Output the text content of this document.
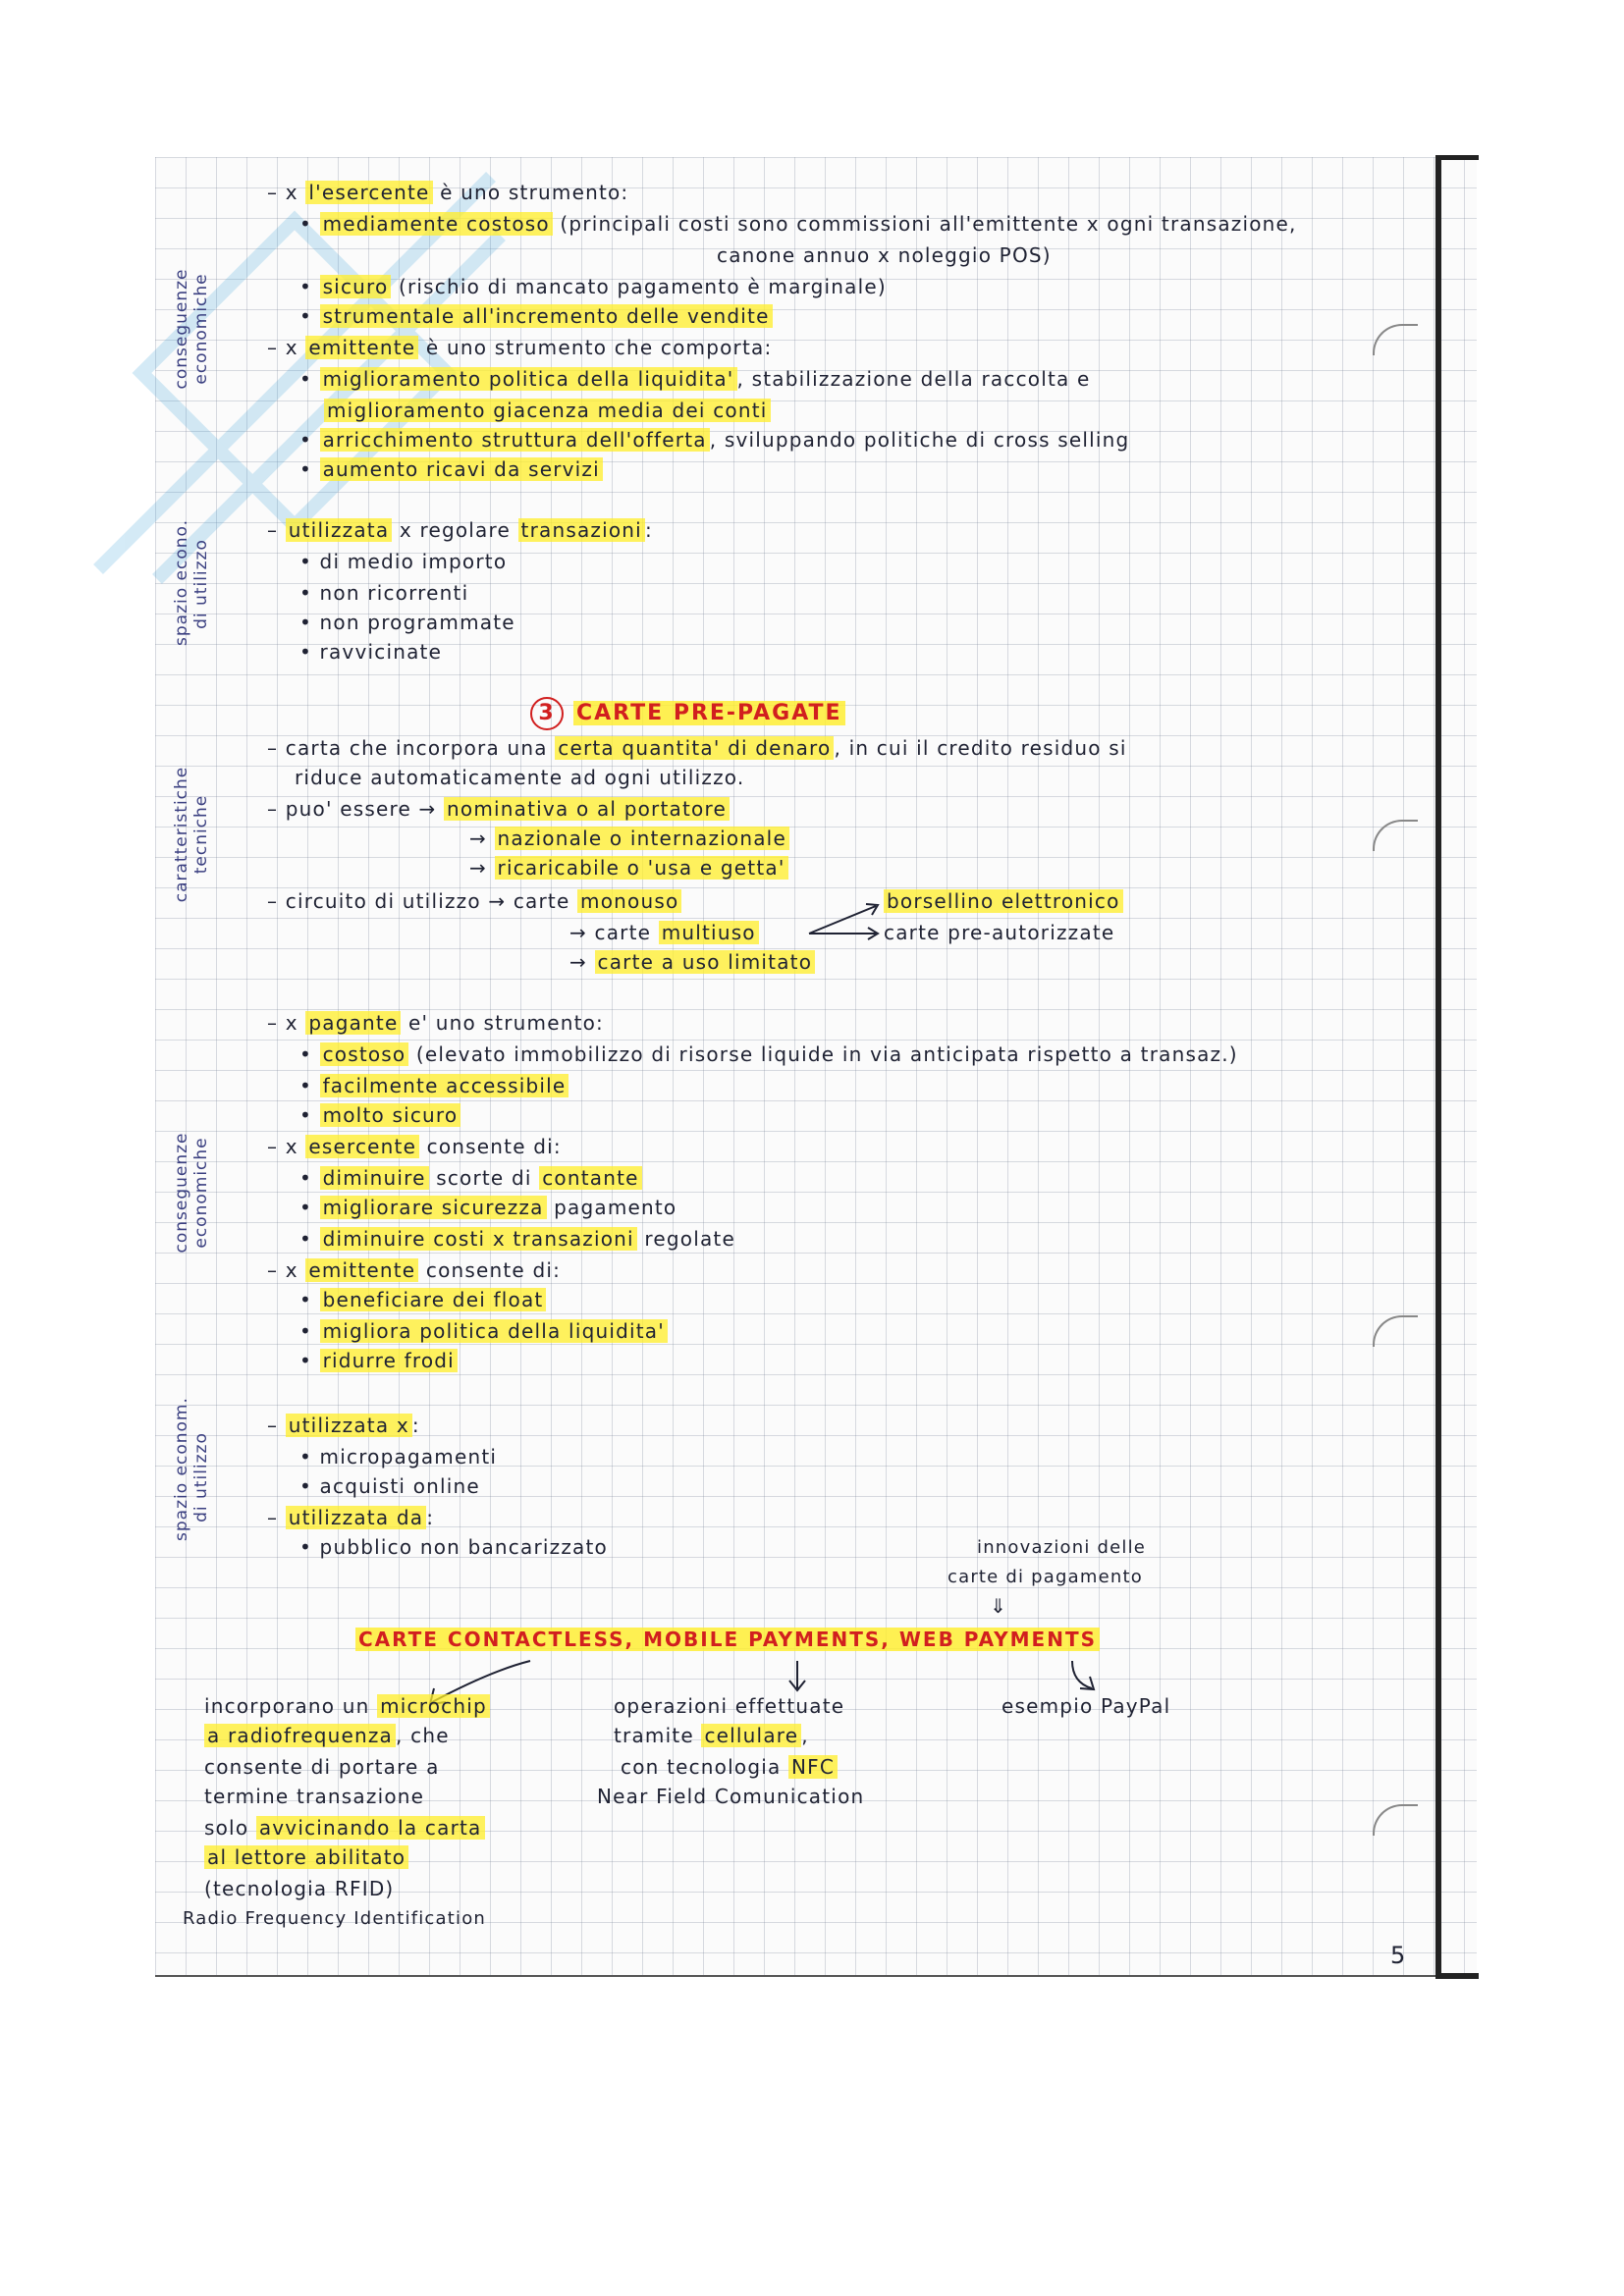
conseguenze economiche
spazio econo. di utilizzo
caratteristiche tecniche
conseguenze economiche
spazio econom. di utilizzo
– x l'esercente è uno strumento:
• mediamente costoso (principali costi sono commissioni all'emittente x ogni transazione,
canone annuo x noleggio POS)
• sicuro (rischio di mancato pagamento è marginale)
• strumentale all'incremento delle vendite
– x emittente è uno strumento che comporta:
• miglioramento politica della liquidita' , stabilizzazione della raccolta e
miglioramento giacenza media dei conti
• arricchimento struttura dell'offerta , sviluppando politiche di cross selling
• aumento ricavi da servizi
– utilizzata x regolare transazioni :
• di medio importo
• non ricorrenti
• non programmate
• ravvicinate
3 CARTE PRE-PAGATE
– carta che incorpora una certa quantita' di denaro , in cui il credito residuo si
riduce automaticamente ad ogni utilizzo.
– puo' essere → nominativa o al portatore
→ nazionale o internazionale
→ ricaricabile o 'usa e getta'
– circuito di utilizzo → carte monouso	borsellino elettronico
→ carte multiuso	carte pre-autorizzate
→ carte a uso limitato
– x pagante e' uno strumento:
• costoso (elevato immobilizzo di risorse liquide in via anticipata rispetto a transaz.)
• facilmente accessibile
• molto sicuro
– x esercente consente di:
• diminuire scorte di contante
• migliorare sicurezza pagamento
• diminuire costi x transazioni regolate
– x emittente consente di:
• beneficiare dei float
• migliora politica della liquidita'
• ridurre frodi
– utilizzata x :
• micropagamenti
• acquisti online
– utilizzata da :
• pubblico non bancarizzato	innovazioni delle
carte di pagamento
⇓
CARTE CONTACTLESS, MOBILE PAYMENTS, WEB PAYMENTS
incorporano un microchip
a radiofrequenza , che
consente di portare a
termine transazione
solo avvicinando la carta
al lettore abilitato
(tecnologia RFID)
Radio Frequency Identification
operazioni effettuate
tramite cellulare ,
con tecnologia NFC
Near Field Comunication
esempio PayPal
5
